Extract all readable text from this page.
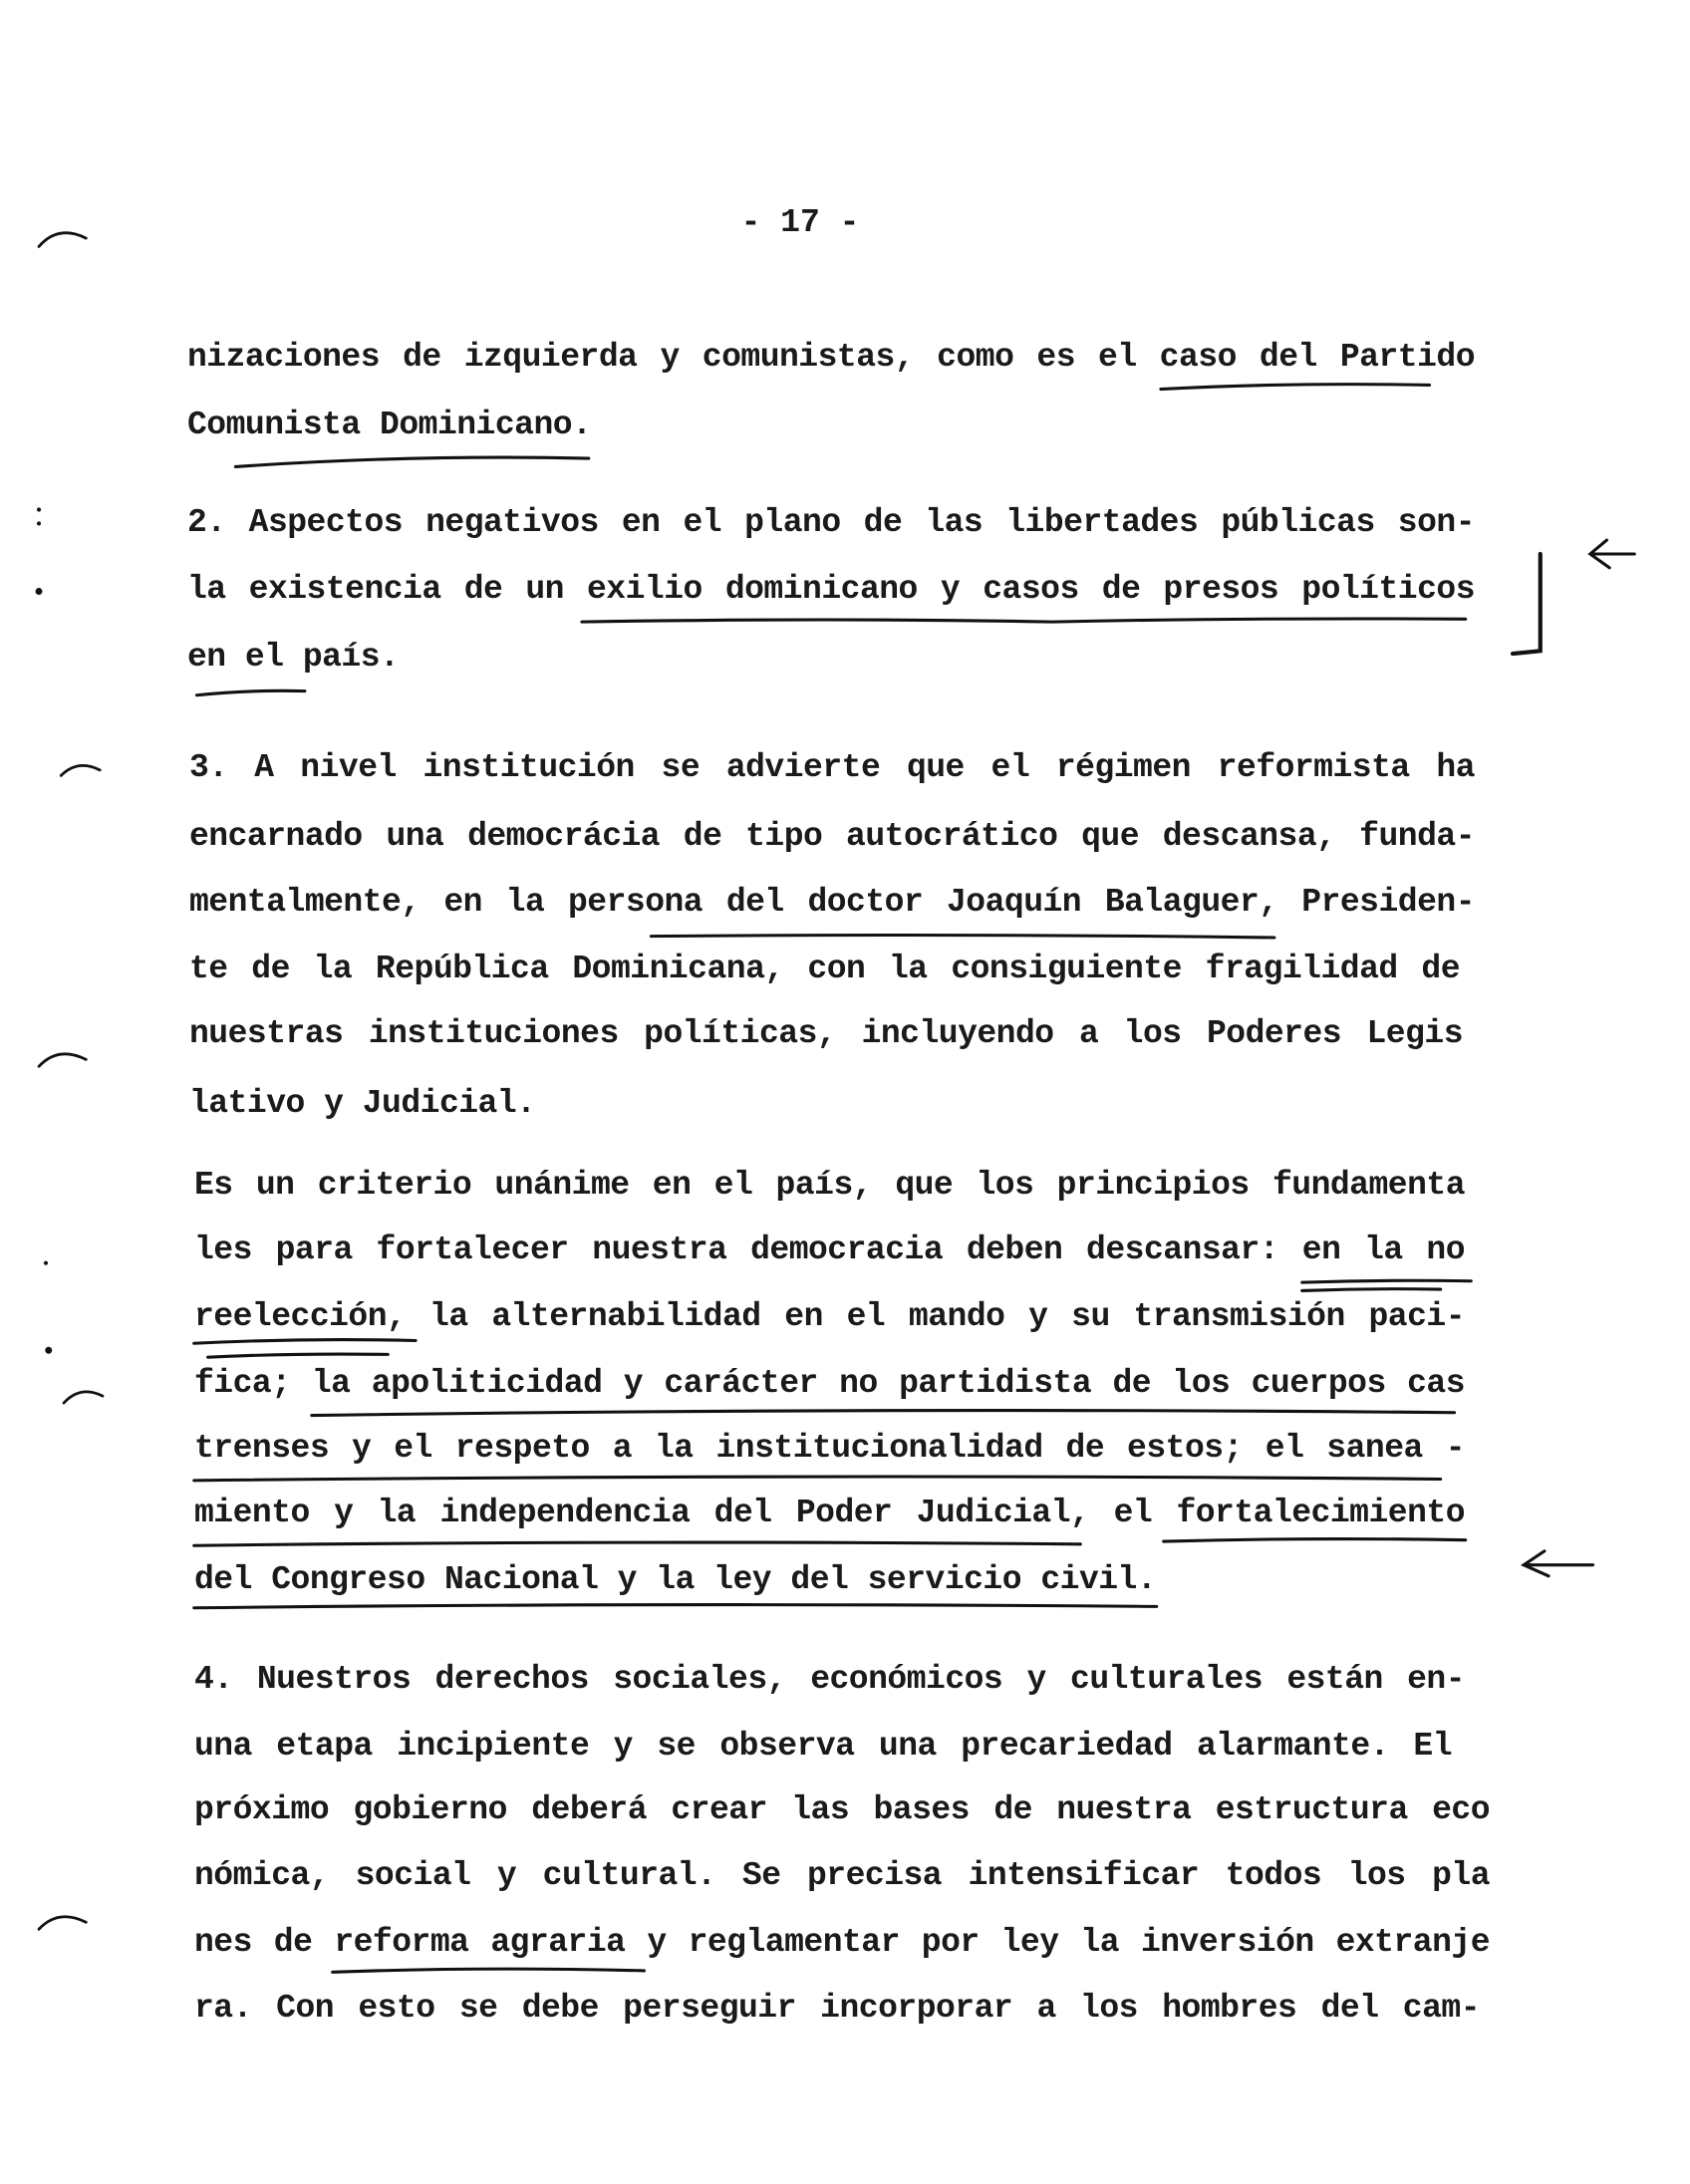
- 17 -
nizaciones de izquierda y comunistas, como es el caso del Partido
Comunista Dominicano.
2. Aspectos negativos en el plano de las libertades públicas son-
la existencia de un exilio dominicano y casos de presos políticos
en el país.
3. A nivel institución se advierte que el régimen reformista ha
encarnado una democrácia de tipo autocrático que descansa, funda-
mentalmente, en la persona del doctor Joaquín Balaguer, Presiden-
te de la República Dominicana, con la consiguiente fragilidad de
nuestras instituciones políticas, incluyendo a los Poderes Legis
lativo y Judicial.
Es un criterio unánime en el país, que los principios fundamenta
les para fortalecer nuestra democracia deben descansar: en la no
reelección, la alternabilidad en el mando y su transmisión paci-
fica; la apoliticidad y carácter no partidista de los cuerpos cas
trenses y el respeto a la institucionalidad de estos; el sanea -
miento y la independencia del Poder Judicial, el fortalecimiento
del Congreso Nacional y la ley del servicio civil.
4. Nuestros derechos sociales, económicos y culturales están en-
una etapa incipiente y se observa una precariedad alarmante. El
próximo gobierno deberá crear las bases de nuestra estructura eco
nómica, social y cultural. Se precisa intensificar todos los pla
nes de reforma agraria y reglamentar por ley la inversión extranje
ra. Con esto se debe perseguir incorporar a los hombres del cam-
